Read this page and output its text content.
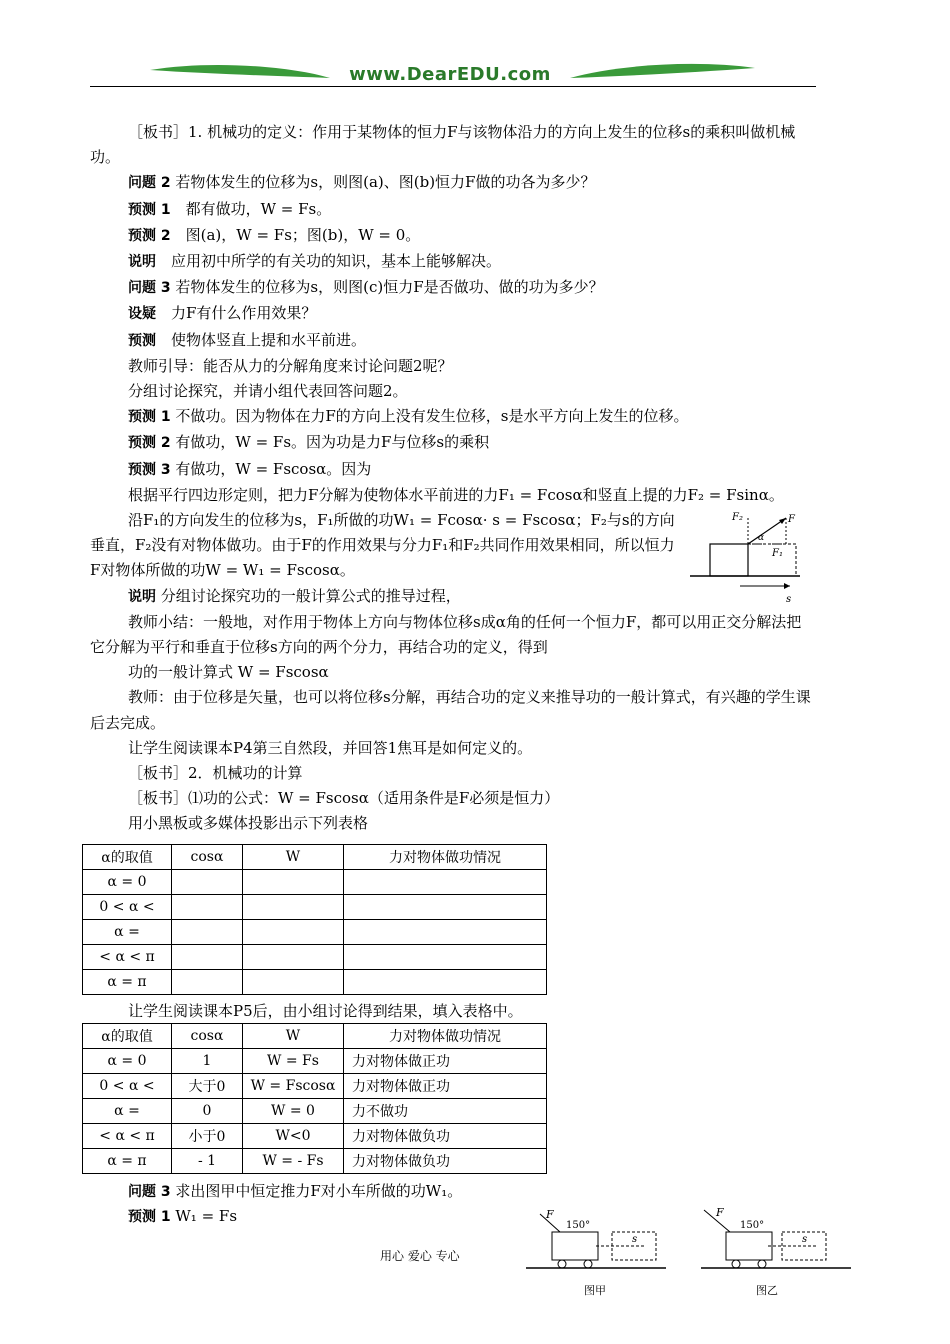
www.DearEDU.com

［板书］1. 机械功的定义：作用于某物体的恒力F与该物体沿力的方向上发生的位移s的乘积叫做机械功。

问题 2 若物体发生的位移为s，则图(a)、图(b)恒力F做的功各为多少？

预测 1　都有做功，W = Fs。

预测 2　图(a)，W = Fs；图(b)，W = 0。

说明　应用初中所学的有关功的知识，基本上能够解决。

问题 3 若物体发生的位移为s，则图(c)恒力F是否做功、做的功为多少？

设疑　力F有什么作用效果？

预测　使物体竖直上提和水平前进。

教师引导：能否从力的分解角度来讨论问题2呢？

分组讨论探究，并请小组代表回答问题2。

预测 1 不做功。因为物体在力F的方向上没有发生位移，s是水平方向上发生的位移。

预测 2 有做功，W = Fs。因为功是力F与位移s的乘积

预测 3 有做功，W = Fscosα。因为

根据平行四边形定则，把力F分解为使物体水平前进的力F₁ = Fcosα和竖直上提的力F₂ = Fsinα。

沿F₁的方向发生的位移为s，F₁所做的功W₁ = Fcosα· s = Fscosα；F₂与s的方向垂直，F₂没有对物体做功。由于F的作用效果与分力F₁和F₂共同作用效果相同，所以恒力F对物体所做的功W = W₁ = Fscosα。

说明 分组讨论探究功的一般计算公式的推导过程，

教师小结：一般地，对作用于物体上方向与物体位移s成α角的任何一个恒力F，都可以用正交分解法把它分解为平行和垂直于位移s方向的两个分力，再结合功的定义，得到

功的一般计算式 W = Fscosα

教师：由于位移是矢量，也可以将位移s分解，再结合功的定义来推导功的一般计算式，有兴趣的学生课后去完成。

让学生阅读课本P4第三自然段，并回答1焦耳是如何定义的。

［板书］2．机械功的计算

［板书］⑴功的公式：W = Fscosα（适用条件是F必须是恒力）

用小黑板或多媒体投影出示下列表格

F
F₂
F₁
α
s
α的取值	cosα	W	力对物体做功情况
α = 0			
0 < α <			
α =			
< α < π			
α = π			

让学生阅读课本P5后，由小组讨论得到结果，填入表格中。

α的取值	cosα	W	力对物体做功情况
α = 0	1	W = Fs	力对物体做正功
0 < α <	大于0	W = Fscosα	力对物体做正功
α =	0	W = 0	力不做功
< α < π	小于0	W<0	力对物体做负功
α = π	- 1	W = - Fs	力对物体做负功

问题 3 求出图甲中恒定推力F对小车所做的功W₁。

预测 1 W₁ = Fs

用心 爱心 专心
F
150°
s
图甲
F
150°
s
图乙
